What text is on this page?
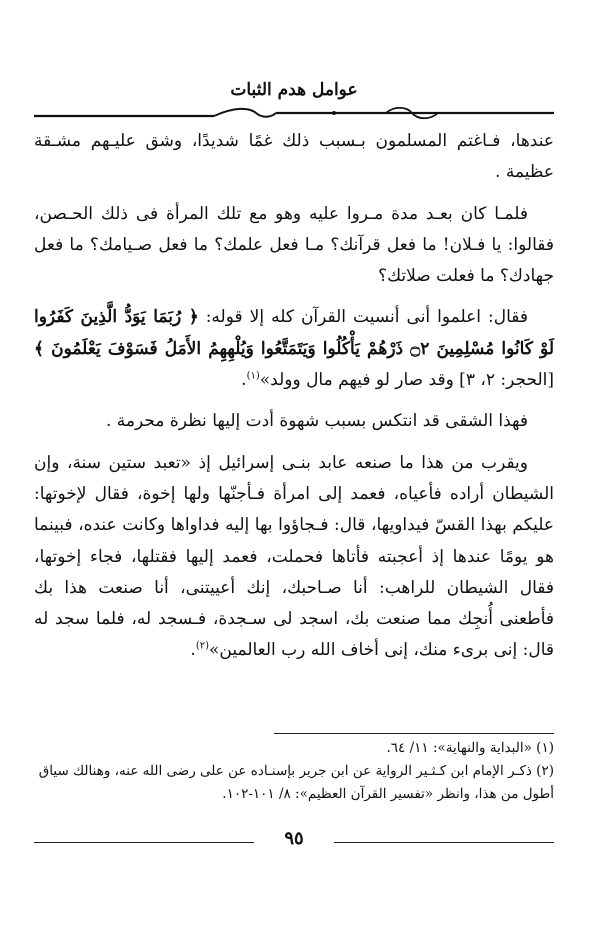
عوامل هدم الثبات

عندها، فـاغتم المسلمون بـسبب ذلك غمًا شديدًا، وشق عليـهم مشـقة عظيمة .

فلمـا كان بعـد مدة مـروا عليه وهو مع تلك المرأة فى ذلك الحـصن، فقالوا: يا فـلان! ما فعل قرآنك؟ مـا فعل علمك؟ ما فعل صـيامك؟ ما فعل جهادك؟ ما فعلت صلاتك؟

فقال: اعلموا أنى أنسيت القرآن كله إلا قوله: ﴿ رُبَمَا يَوَدُّ الَّذِينَ كَفَرُوا لَوْ كَانُوا مُسْلِمِينَ ۝٢ ذَرْهُمْ يَأْكُلُوا وَيَتَمَتَّعُوا وَيُلْهِهِمُ الأَمَلُ فَسَوْفَ يَعْلَمُونَ ﴾ [الحجر: ٢، ٣] وقد صار لو فيهم مال وولد»$^{(١)}$.

فهذا الشقى قد انتكس بسبب شهوة أدت إليها نظرة محرمة .

ويقرب من هذا ما صنعه عابد بنـى إسرائيل إذ «تعبد ستين سنة، وإن الشيطان أراده فأعياه، فعمد إلى امرأة فـأجنّها ولها إخوة، فقال لإخوتها: عليكم بهذا القسّ فيداويها، قال: فـجاؤوا بها إليه فداواها وكانت عنده، فبينما هو يومًا عندها إذ أعجبته فأتاها فحملت، فعمد إليها فقتلها، فجاء إخوتها، فقال الشيطان للراهب: أنا صـاحبك، إنك أعييتنى، أنا صنعت هذا بك فأطعنى أُنجِك مما صنعت بك، اسجد لى سـجدة، فـسجد له، فلما سجد له قال: إنى برىء منك، إنى أخاف الله رب العالمين»$^{(٢)}$.

(١) «البداية والنهاية»: ١١/ ٦٤.

(٢) ذكـر الإمام ابن كـثـير الرواية عن ابن جرير بإسنـاده عن على رضى الله عنه، وهنالك سياق أطول من هذا، وانظر «تفسير القرآن العظيم»: ٨/ ١٠١-١٠٢.

٩٥
